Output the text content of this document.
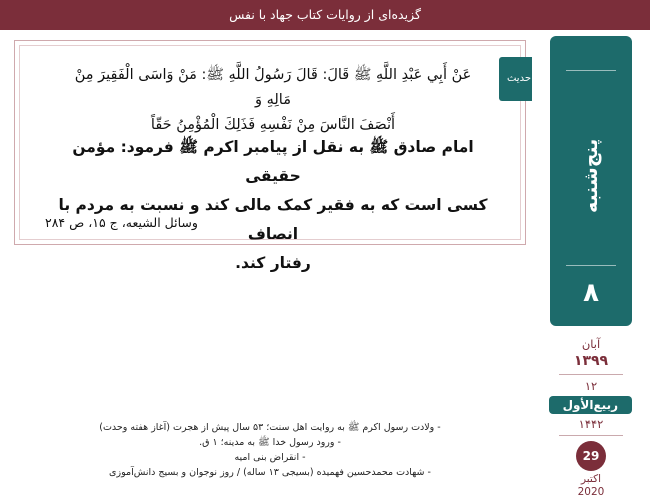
گزیده‌ای از روایات کتاب جهاد با نفس
حدیث
عَنْ أَبِي عَبْدِ اللَّهِ ﷺ قَالَ: قَالَ رَسُولُ اللَّهِ ﷺ: مَنْ وَاسَى الْفَقِيرَ مِنْ مَالِهِ وَ
أَنْصَفَ النَّاسَ مِنْ نَفْسِهِ فَذَلِكَ الْمُؤْمِنُ حَقّاً
امام صادق ﷺ به نقل از پیامبر اکرم ﷺ فرمود: مؤمن حقیقی
کسی است که به فقیر کمک مالی کند و نسبت به مردم با انصاف
رفتار کند.
وسائل الشیعه، ج ۱۵، ص ۲۸۴
پنج‌شنبه
۸
آبان
۱۳۹۹
۱۲
ربیع‌الأول
۱۴۴۲
29
اکتبر
2020
- ولادت رسول اکرم ﷺ به روایت اهل سنت؛ ۵۳ سال پیش از هجرت (آغاز هفته وحدت)
- ورود رسول خدا ﷺ به مدینه؛ ۱ ق.
- انقراض بنی امیه
- شهادت محمدحسین فهمیده (بسیجی ۱۳ ساله) / روز نوجوان و بسیج دانش‌آموزی
